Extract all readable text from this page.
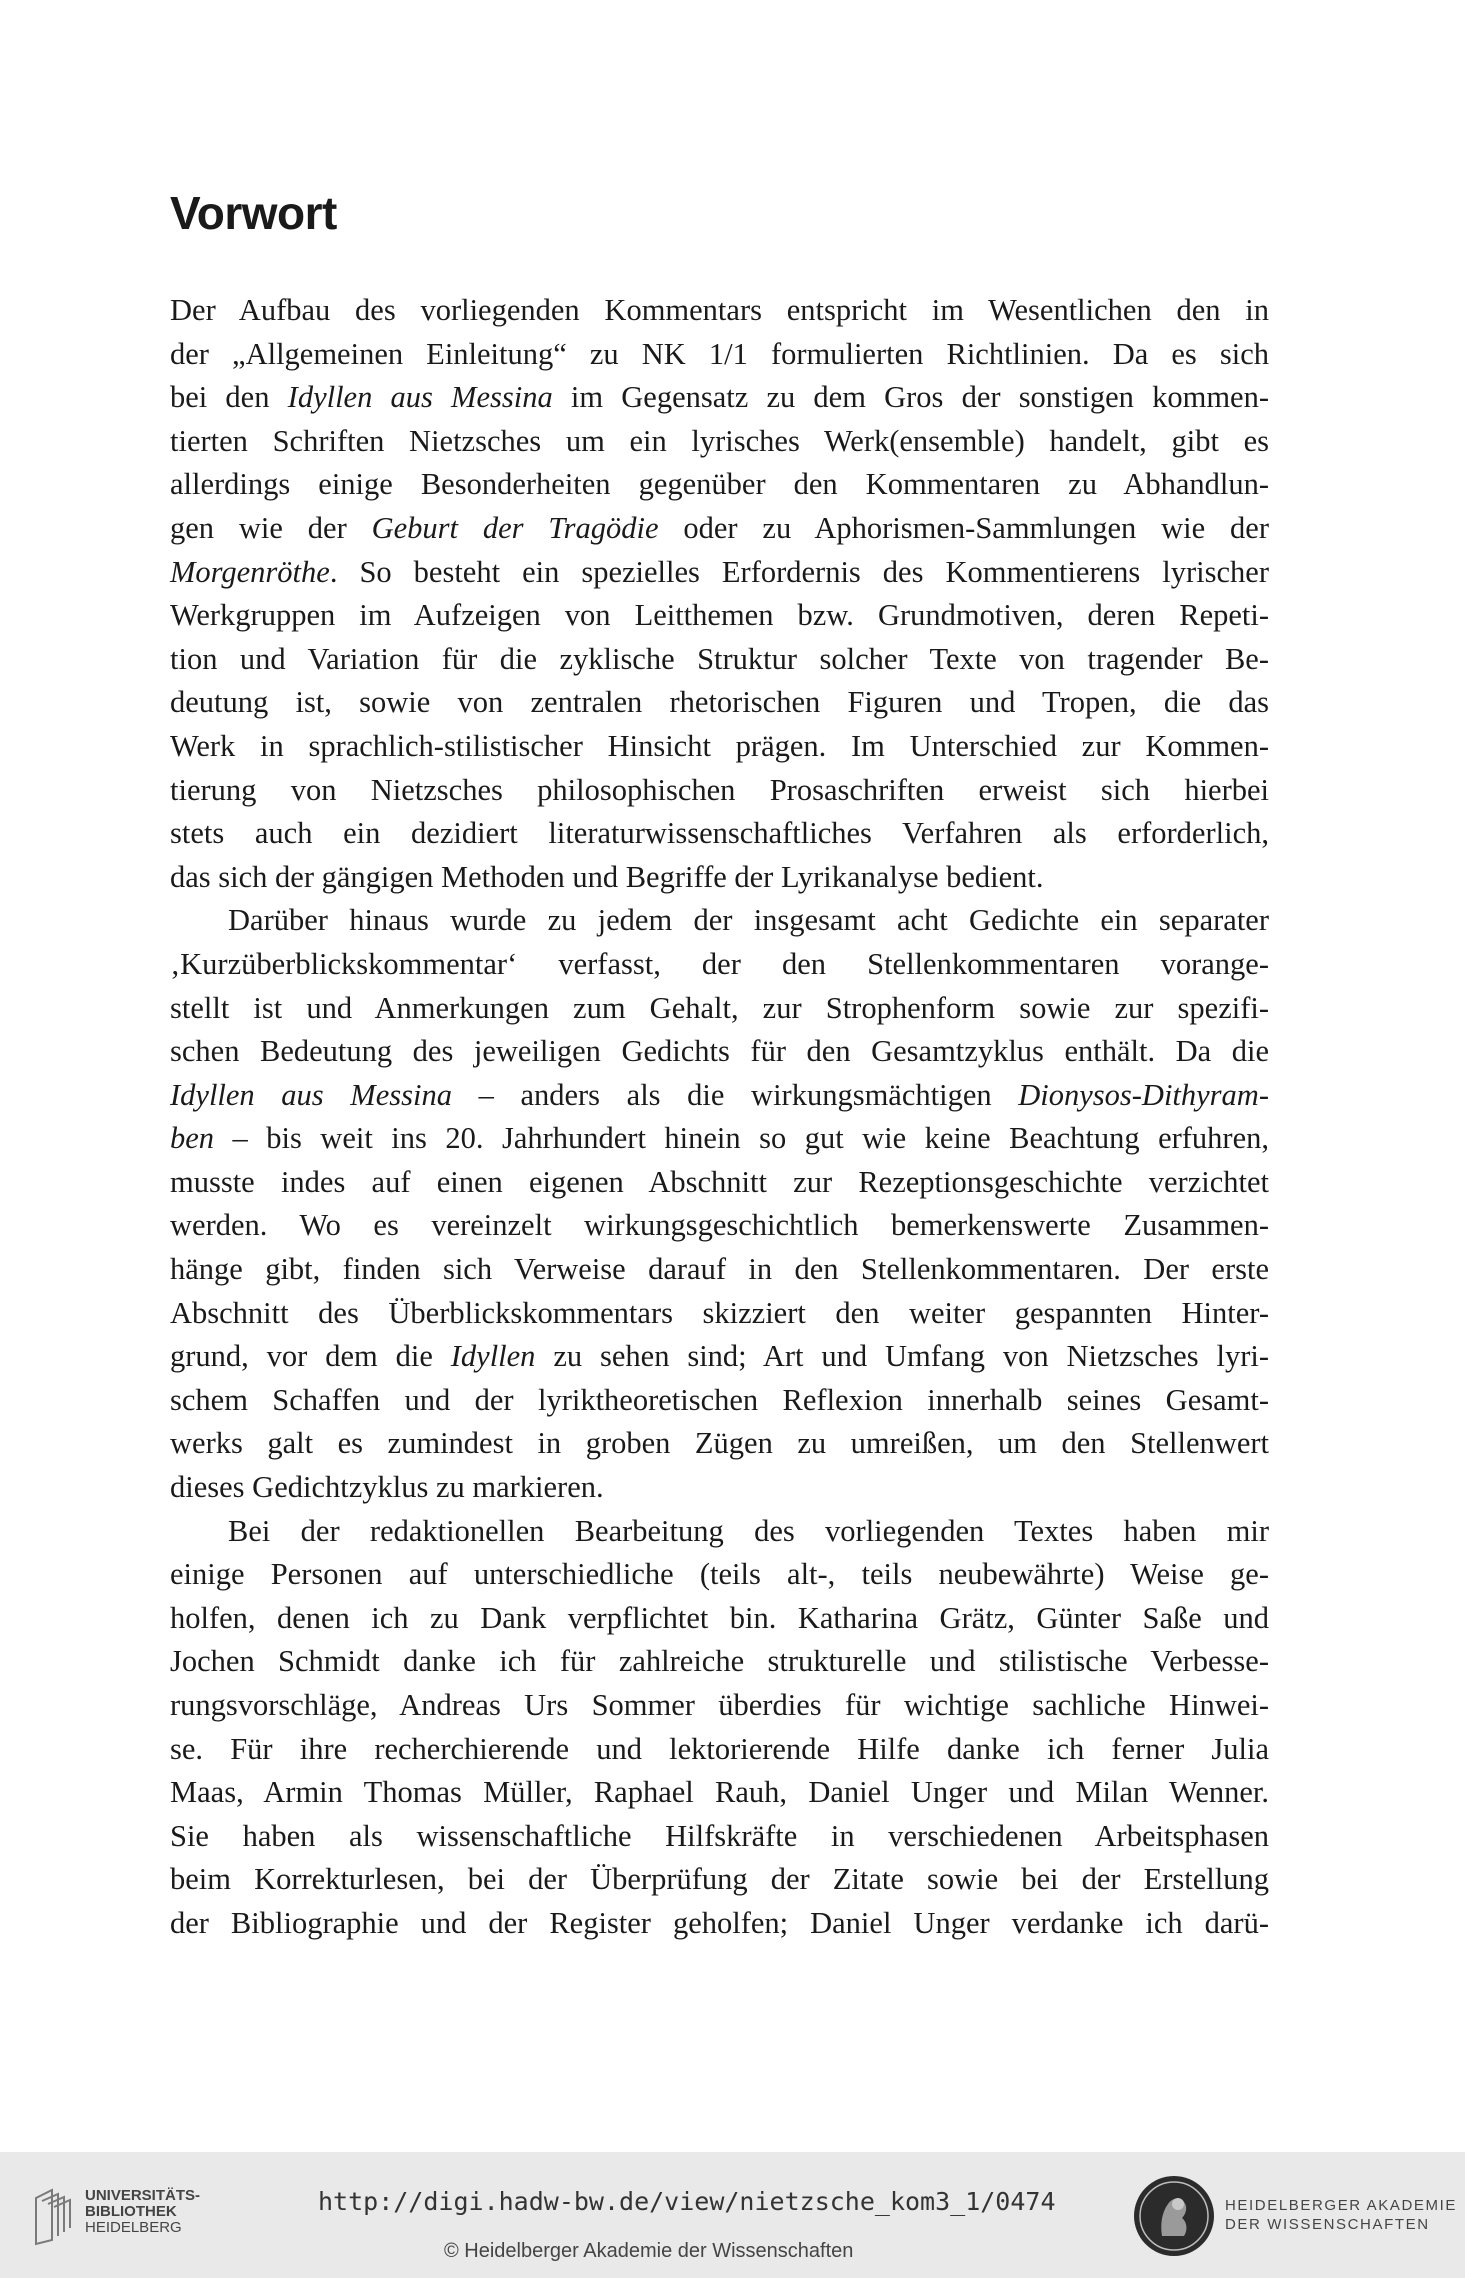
Vorwort
Der Aufbau des vorliegenden Kommentars entspricht im Wesentlichen den in
der „Allgemeinen Einleitung“ zu NK 1/1 formulierten Richtlinien. Da es sich
bei den Idyllen aus Messina im Gegensatz zu dem Gros der sonstigen kommen-
tierten Schriften Nietzsches um ein lyrisches Werk(ensemble) handelt, gibt es
allerdings einige Besonderheiten gegenüber den Kommentaren zu Abhandlun-
gen wie der Geburt der Tragödie oder zu Aphorismen-Sammlungen wie der
Morgenröthe. So besteht ein spezielles Erfordernis des Kommentierens lyrischer
Werkgruppen im Aufzeigen von Leitthemen bzw. Grundmotiven, deren Repeti-
tion und Variation für die zyklische Struktur solcher Texte von tragender Be-
deutung ist, sowie von zentralen rhetorischen Figuren und Tropen, die das
Werk in sprachlich-stilistischer Hinsicht prägen. Im Unterschied zur Kommen-
tierung von Nietzsches philosophischen Prosaschriften erweist sich hierbei
stets auch ein dezidiert literaturwissenschaftliches Verfahren als erforderlich,
das sich der gängigen Methoden und Begriffe der Lyrikanalyse bedient.
Darüber hinaus wurde zu jedem der insgesamt acht Gedichte ein separater
‚Kurzüberblickskommentar‘ verfasst, der den Stellenkommentaren vorange-
stellt ist und Anmerkungen zum Gehalt, zur Strophenform sowie zur spezifi-
schen Bedeutung des jeweiligen Gedichts für den Gesamtzyklus enthält. Da die
Idyllen aus Messina – anders als die wirkungsmächtigen Dionysos-Dithyram-
ben – bis weit ins 20. Jahrhundert hinein so gut wie keine Beachtung erfuhren,
musste indes auf einen eigenen Abschnitt zur Rezeptionsgeschichte verzichtet
werden. Wo es vereinzelt wirkungsgeschichtlich bemerkenswerte Zusammen-
hänge gibt, finden sich Verweise darauf in den Stellenkommentaren. Der erste
Abschnitt des Überblickskommentars skizziert den weiter gespannten Hinter-
grund, vor dem die Idyllen zu sehen sind; Art und Umfang von Nietzsches lyri-
schem Schaffen und der lyriktheoretischen Reflexion innerhalb seines Gesamt-
werks galt es zumindest in groben Zügen zu umreißen, um den Stellenwert
dieses Gedichtzyklus zu markieren.
Bei der redaktionellen Bearbeitung des vorliegenden Textes haben mir
einige Personen auf unterschiedliche (teils alt-, teils neubewährte) Weise ge-
holfen, denen ich zu Dank verpflichtet bin. Katharina Grätz, Günter Saße und
Jochen Schmidt danke ich für zahlreiche strukturelle und stilistische Verbesse-
rungsvorschläge, Andreas Urs Sommer überdies für wichtige sachliche Hinwei-
se. Für ihre recherchierende und lektorierende Hilfe danke ich ferner Julia
Maas, Armin Thomas Müller, Raphael Rauh, Daniel Unger und Milan Wenner.
Sie haben als wissenschaftliche Hilfskräfte in verschiedenen Arbeitsphasen
beim Korrekturlesen, bei der Überprüfung der Zitate sowie bei der Erstellung
der Bibliographie und der Register geholfen; Daniel Unger verdanke ich darü-
UNIVERSITÄTS-
BIBLIOTHEK
HEIDELBERG
http://digi.hadw-bw.de/view/nietzsche_kom3_1/0474
© Heidelberger Akademie der Wissenschaften
HEIDELBERGER AKADEMIE
DER WISSENSCHAFTEN
